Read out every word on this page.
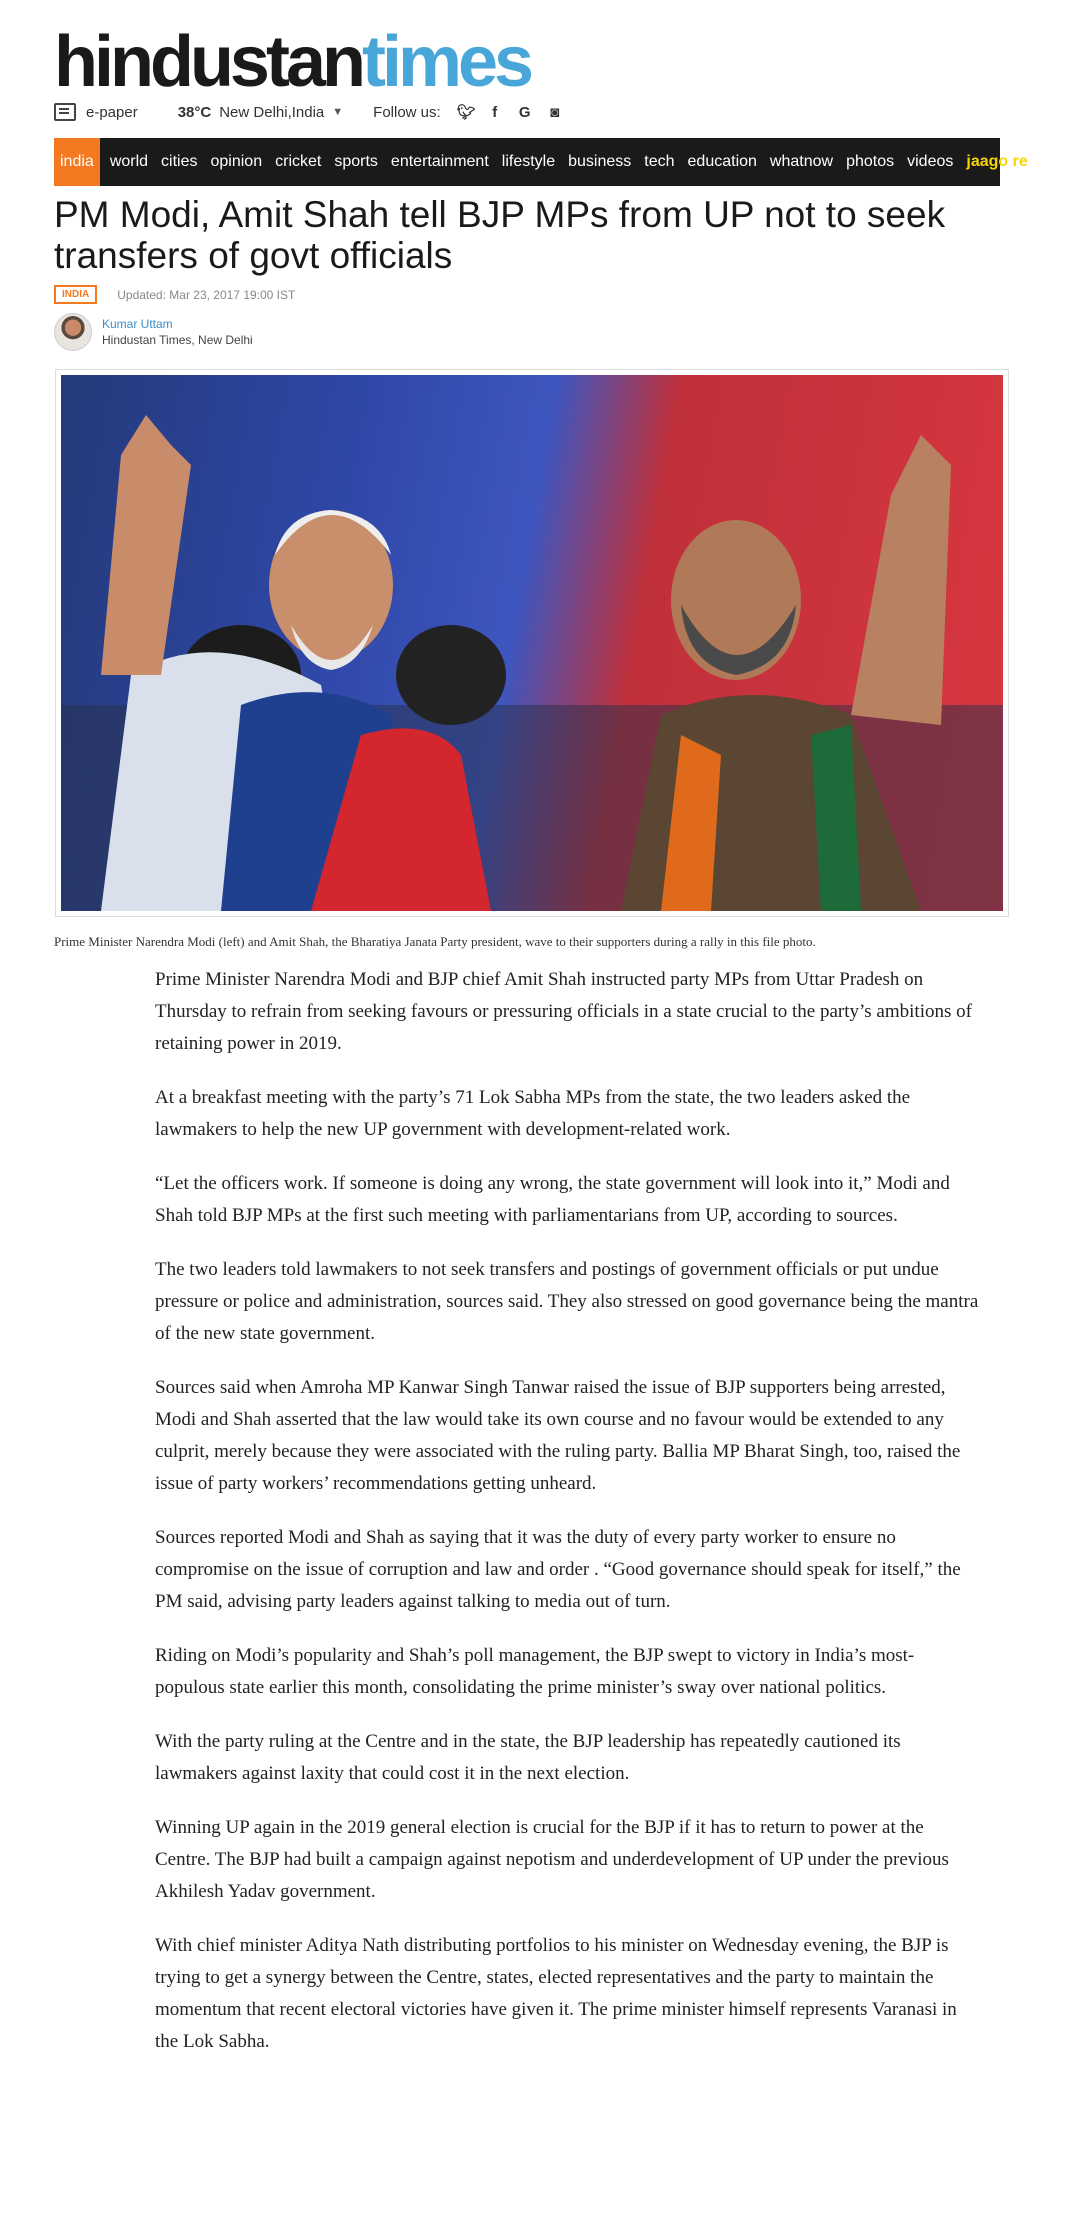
hindustantimes
e-paper	38°C New Delhi,India ▼ Follow us: 🐦︎	f	G ◙
india	world cities opinion cricket sports entertainment lifestyle business tech education whatnow photos videos jaago re ●●●
PM Modi, Amit Shah tell BJP MPs from UP not to seek transfers of govt officials
INDIA	Updated: Mar 23, 2017 19:00 IST
Kumar Uttam
Hindustan Times, New Delhi
Prime Minister Narendra Modi (left) and Amit Shah, the Bharatiya Janata Party president, wave to their supporters during a rally in this file photo.

Prime Minister Narendra Modi and BJP chief Amit Shah instructed party MPs from Uttar Pradesh on Thursday to refrain from seeking favours or pressuring officials in a state crucial to the party’s ambitions of retaining power in 2019.

At a breakfast meeting with the party’s 71 Lok Sabha MPs from the state, the two leaders asked the lawmakers to help the new UP government with development-related work.

“Let the officers work. If someone is doing any wrong, the state government will look into it,” Modi and Shah told BJP MPs at the first such meeting with parliamentarians from UP, according to sources.

The two leaders told lawmakers to not seek transfers and postings of government officials or put undue pressure or police and administration, sources said. They also stressed on good governance being the mantra of the new state government.

Sources said when Amroha MP Kanwar Singh Tanwar raised the issue of BJP supporters being arrested, Modi and Shah asserted that the law would take its own course and no favour would be extended to any culprit, merely because they were associated with the ruling party. Ballia MP Bharat Singh, too, raised the issue of party workers’ recommendations getting unheard.

Sources reported Modi and Shah as saying that it was the duty of every party worker to ensure no compromise on the issue of corruption and law and order . “Good governance should speak for itself,” the PM said, advising party leaders against talking to media out of turn.

Riding on Modi’s popularity and Shah’s poll management, the BJP swept to victory in India’s most-populous state earlier this month, consolidating the prime minister’s sway over national politics.

With the party ruling at the Centre and in the state, the BJP leadership has repeatedly cautioned its lawmakers against laxity that could cost it in the next election.

Winning UP again in the 2019 general election is crucial for the BJP if it has to return to power at the Centre. The BJP had built a campaign against nepotism and underdevelopment of UP under the previous Akhilesh Yadav government.

With chief minister Aditya Nath distributing portfolios to his minister on Wednesday evening, the BJP is trying to get a synergy between the Centre, states, elected representatives and the party to maintain the momentum that recent electoral victories have given it. The prime minister himself represents Varanasi in the Lok Sabha.
